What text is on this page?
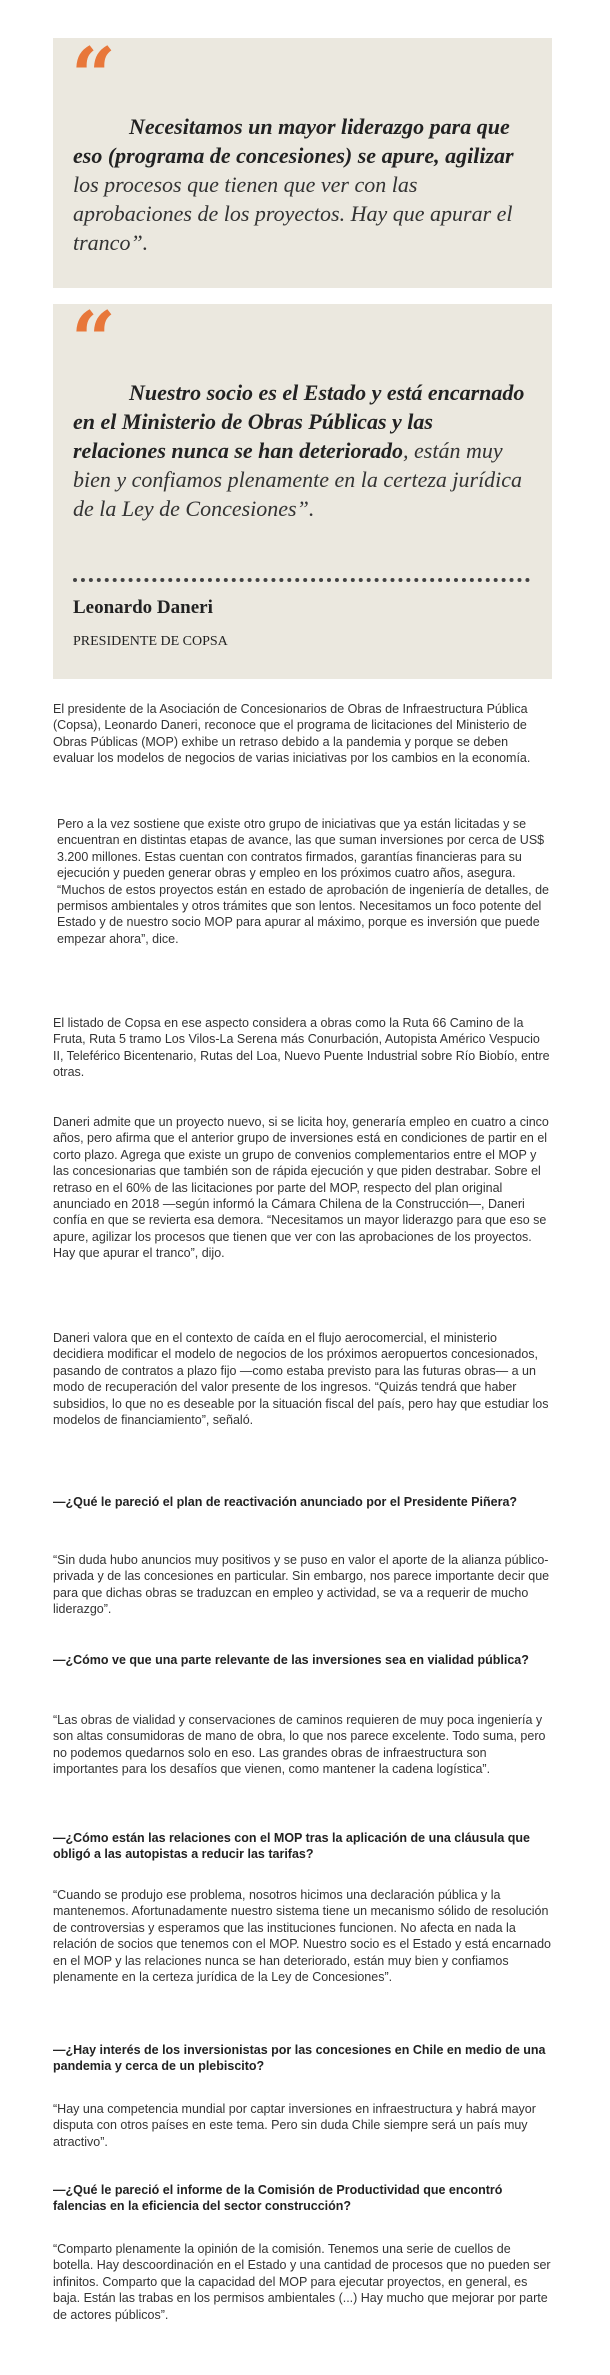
“

Necesitamos un mayor liderazgo para que eso (programa de concesiones) se apure, agilizar los procesos que tienen que ver con las aprobaciones de los proyectos. Hay que apurar el tranco”.

“

Nuestro socio es el Estado y está encarnado en el Ministerio de Obras Públicas y las relaciones nunca se han deteriorado, están muy bien y confiamos plenamente en la certeza jurídica de la Ley de Concesiones”.

Leonardo Daneri
PRESIDENTE DE COPSA

El presidente de la Asociación de Concesionarios de Obras de Infraestructura Pública (Copsa), Leonardo Daneri, reconoce que el programa de licitaciones del Ministerio de Obras Públicas (MOP) exhibe un retraso debido a la pandemia y porque se deben evaluar los modelos de negocios de varias iniciativas por los cambios en la economía.

Pero a la vez sostiene que existe otro grupo de iniciativas que ya están licitadas y se encuentran en distintas etapas de avance, las que suman inversiones por cerca de US$ 3.200 millones. Estas cuentan con contratos firmados, garantías financieras para su ejecución y pueden generar obras y empleo en los próximos cuatro años, asegura. “Muchos de estos proyectos están en estado de aprobación de ingeniería de detalles, de permisos ambientales y otros trámites que son lentos. Necesitamos un foco potente del Estado y de nuestro socio MOP para apurar al máximo, porque es inversión que puede empezar ahora”, dice.

El listado de Copsa en ese aspecto considera a obras como la Ruta 66 Camino de la Fruta, Ruta 5 tramo Los Vilos-La Serena más Conurbación, Autopista Américo Vespucio II, Teleférico Bicentenario, Rutas del Loa, Nuevo Puente Industrial sobre Río Biobío, entre otras.

Daneri admite que un proyecto nuevo, si se licita hoy, generaría empleo en cuatro a cinco años, pero afirma que el anterior grupo de inversiones está en condiciones de partir en el corto plazo. Agrega que existe un grupo de convenios complementarios entre el MOP y las concesionarias que también son de rápida ejecución y que piden destrabar. Sobre el retraso en el 60% de las licitaciones por parte del MOP, respecto del plan original anunciado en 2018 —según informó la Cámara Chilena de la Construcción—, Daneri confía en que se revierta esa demora. “Necesitamos un mayor liderazgo para que eso se apure, agilizar los procesos que tienen que ver con las aprobaciones de los proyectos. Hay que apurar el tranco”, dijo.

Daneri valora que en el contexto de caída en el flujo aerocomercial, el ministerio decidiera modificar el modelo de negocios de los próximos aeropuertos concesionados, pasando de contratos a plazo fijo —como estaba previsto para las futuras obras— a un modo de recuperación del valor presente de los ingresos. “Quizás tendrá que haber subsidios, lo que no es deseable por la situación fiscal del país, pero hay que estudiar los modelos de financiamiento”, señaló.

—¿Qué le pareció el plan de reactivación anunciado por el Presidente Piñera?

“Sin duda hubo anuncios muy positivos y se puso en valor el aporte de la alianza público-privada y de las concesiones en particular. Sin embargo, nos parece importante decir que para que dichas obras se traduzcan en empleo y actividad, se va a requerir de mucho liderazgo”.

—¿Cómo ve que una parte relevante de las inversiones sea en vialidad pública?

“Las obras de vialidad y conservaciones de caminos requieren de muy poca ingeniería y son altas consumidoras de mano de obra, lo que nos parece excelente. Todo suma, pero no podemos quedarnos solo en eso. Las grandes obras de infraestructura son importantes para los desafíos que vienen, como mantener la cadena logística”.

—¿Cómo están las relaciones con el MOP tras la aplicación de una cláusula que obligó a las autopistas a reducir las tarifas?

“Cuando se produjo ese problema, nosotros hicimos una declaración pública y la mantenemos. Afortunadamente nuestro sistema tiene un mecanismo sólido de resolución de controversias y esperamos que las instituciones funcionen. No afecta en nada la relación de socios que tenemos con el MOP. Nuestro socio es el Estado y está encarnado en el MOP y las relaciones nunca se han deteriorado, están muy bien y confiamos plenamente en la certeza jurídica de la Ley de Concesiones”.

—¿Hay interés de los inversionistas por las concesiones en Chile en medio de una pandemia y cerca de un plebiscito?

“Hay una competencia mundial por captar inversiones en infraestructura y habrá mayor disputa con otros países en este tema. Pero sin duda Chile siempre será un país muy atractivo”.

—¿Qué le pareció el informe de la Comisión de Productividad que encontró falencias en la eficiencia del sector construcción?

“Comparto plenamente la opinión de la comisión. Tenemos una serie de cuellos de botella. Hay descoordinación en el Estado y una cantidad de procesos que no pueden ser infinitos. Comparto que la capacidad del MOP para ejecutar proyectos, en general, es baja. Están las trabas en los permisos ambientales (...) Hay mucho que mejorar por parte de actores públicos”.
